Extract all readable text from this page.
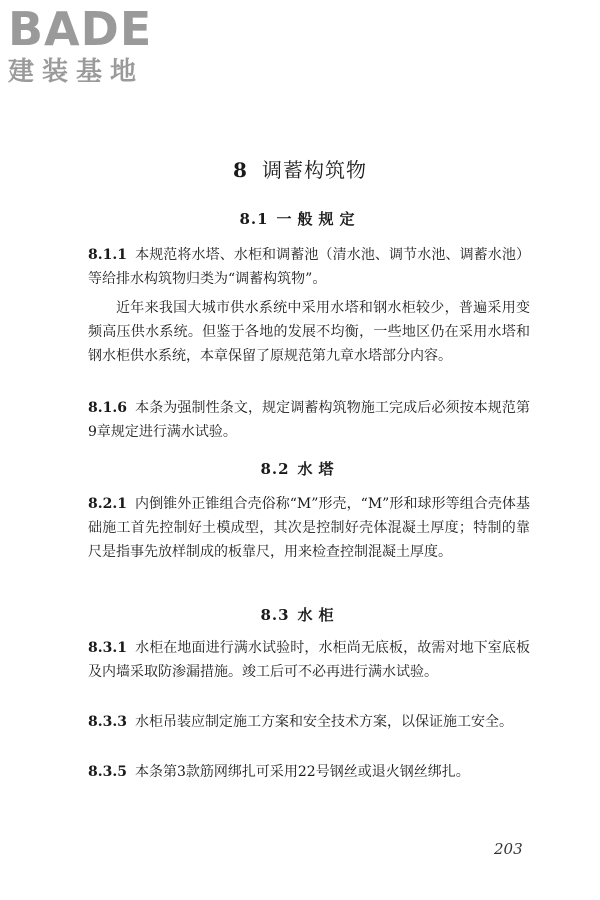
BADE
建装基地
8 调蓄构筑物
8.1 一般规定

8.1.1 本规范将水塔、水柜和调蓄池（清水池、调节水池、调蓄水池）等给排水构筑物归类为“调蓄构筑物”。

近年来我国大城市供水系统中采用水塔和钢水柜较少，普遍采用变频高压供水系统。但鉴于各地的发展不均衡，一些地区仍在采用水塔和钢水柜供水系统，本章保留了原规范第九章水塔部分内容。

8.1.6 本条为强制性条文，规定调蓄构筑物施工完成后必须按本规范第9章规定进行满水试验。

8.2 水塔

8.2.1 内倒锥外正锥组合壳俗称“M”形壳，“M”形和球形等组合壳体基础施工首先控制好土模成型，其次是控制好壳体混凝土厚度；特制的靠尺是指事先放样制成的板靠尺，用来检查控制混凝土厚度。

8.3 水柜

8.3.1 水柜在地面进行满水试验时，水柜尚无底板，故需对地下室底板及内墙采取防渗漏措施。竣工后可不必再进行满水试验。

8.3.3 水柜吊装应制定施工方案和安全技术方案，以保证施工安全。

8.3.5 本条第3款筋网绑扎可采用22号钢丝或退火钢丝绑扎。

203
